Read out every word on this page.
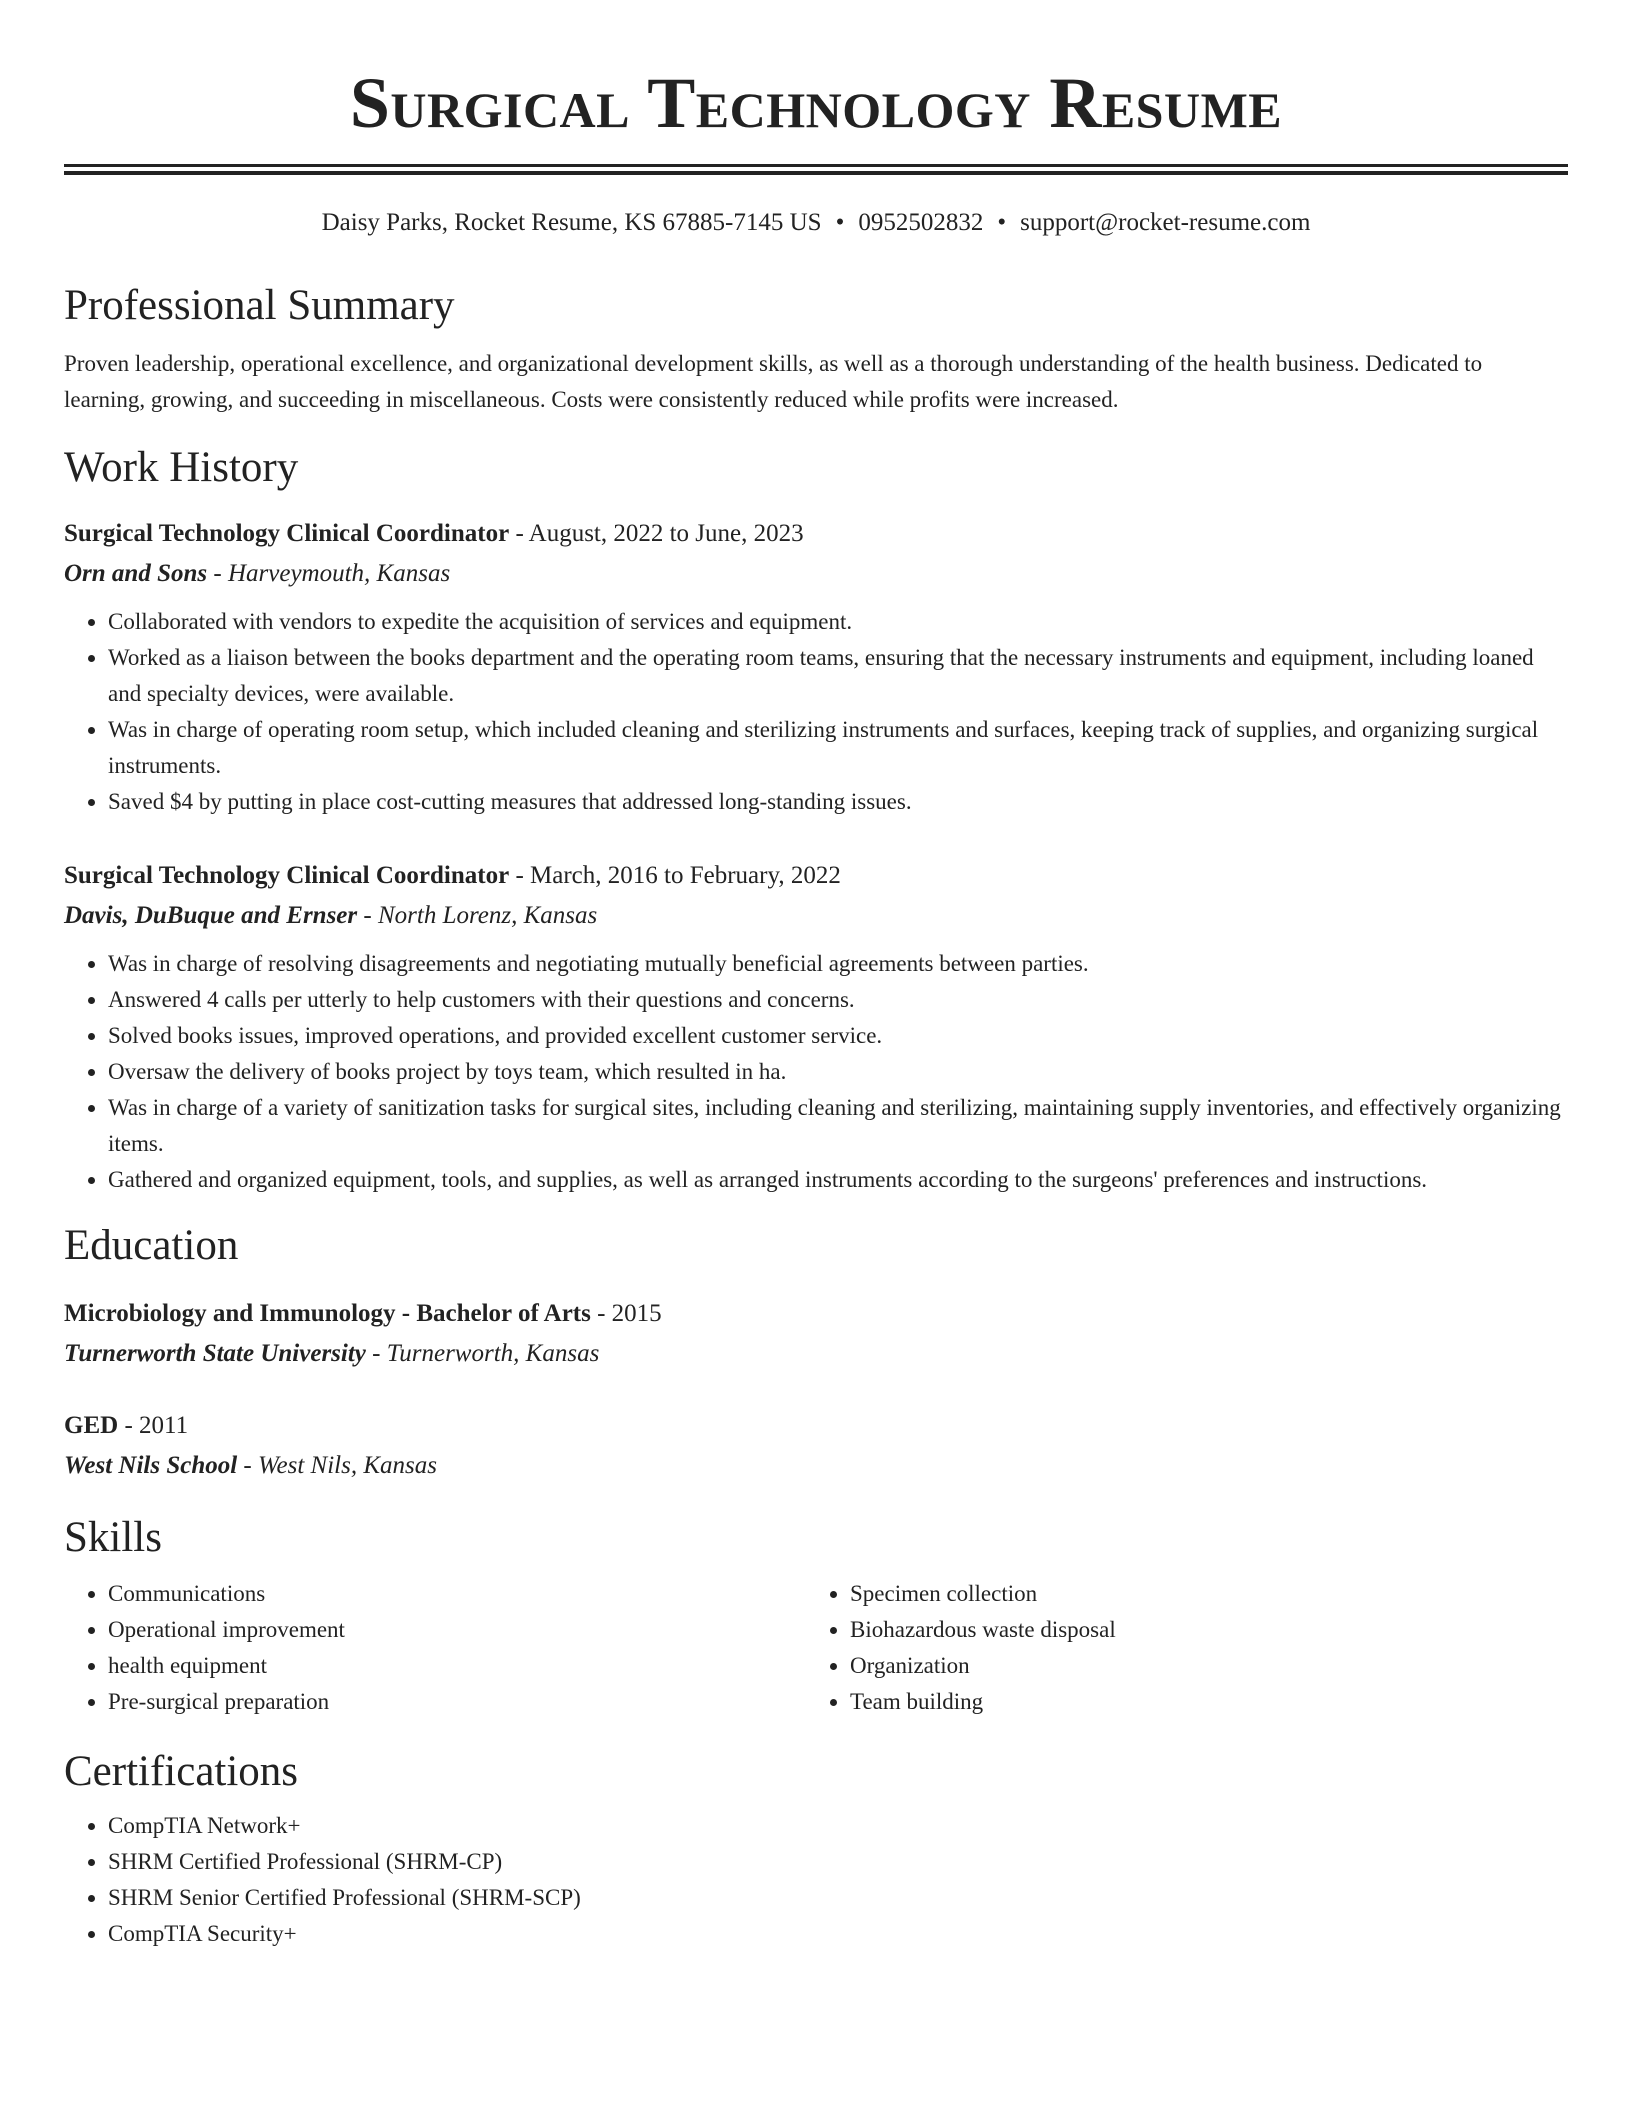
Surgical Technology Resume
Daisy Parks, Rocket Resume, KS 67885-7145 US • 0952502832 • support@rocket-resume.com
Professional Summary

Proven leadership, operational excellence, and organizational development skills, as well as a thorough understanding of the health business. Dedicated to learning, growing, and succeeding in miscellaneous. Costs were consistently reduced while profits were increased.

Work History
Surgical Technology Clinical Coordinator - August, 2022 to June, 2023
Orn and Sons - Harveymouth, Kansas
• Collaborated with vendors to expedite the acquisition of services and equipment.
• Worked as a liaison between the books department and the operating room teams, ensuring that the necessary instruments and equipment, including loaned and specialty devices, were available.
• Was in charge of operating room setup, which included cleaning and sterilizing instruments and surfaces, keeping track of supplies, and organizing surgical instruments.
• Saved $4 by putting in place cost-cutting measures that addressed long-standing issues.
Surgical Technology Clinical Coordinator - March, 2016 to February, 2022
Davis, DuBuque and Ernser - North Lorenz, Kansas
• Was in charge of resolving disagreements and negotiating mutually beneficial agreements between parties.
• Answered 4 calls per utterly to help customers with their questions and concerns.
• Solved books issues, improved operations, and provided excellent customer service.
• Oversaw the delivery of books project by toys team, which resulted in ha.
• Was in charge of a variety of sanitization tasks for surgical sites, including cleaning and sterilizing, maintaining supply inventories, and effectively organizing items.
• Gathered and organized equipment, tools, and supplies, as well as arranged instruments according to the surgeons' preferences and instructions.
Education
Microbiology and Immunology - Bachelor of Arts - 2015
Turnerworth State University - Turnerworth, Kansas
GED - 2011
West Nils School - West Nils, Kansas
Skills
• Communications
• Operational improvement
• health equipment
• Pre-surgical preparation
• Specimen collection
• Biohazardous waste disposal
• Organization
• Team building
Certifications
• CompTIA Network+
• SHRM Certified Professional (SHRM-CP)
• SHRM Senior Certified Professional (SHRM-SCP)
• CompTIA Security+
